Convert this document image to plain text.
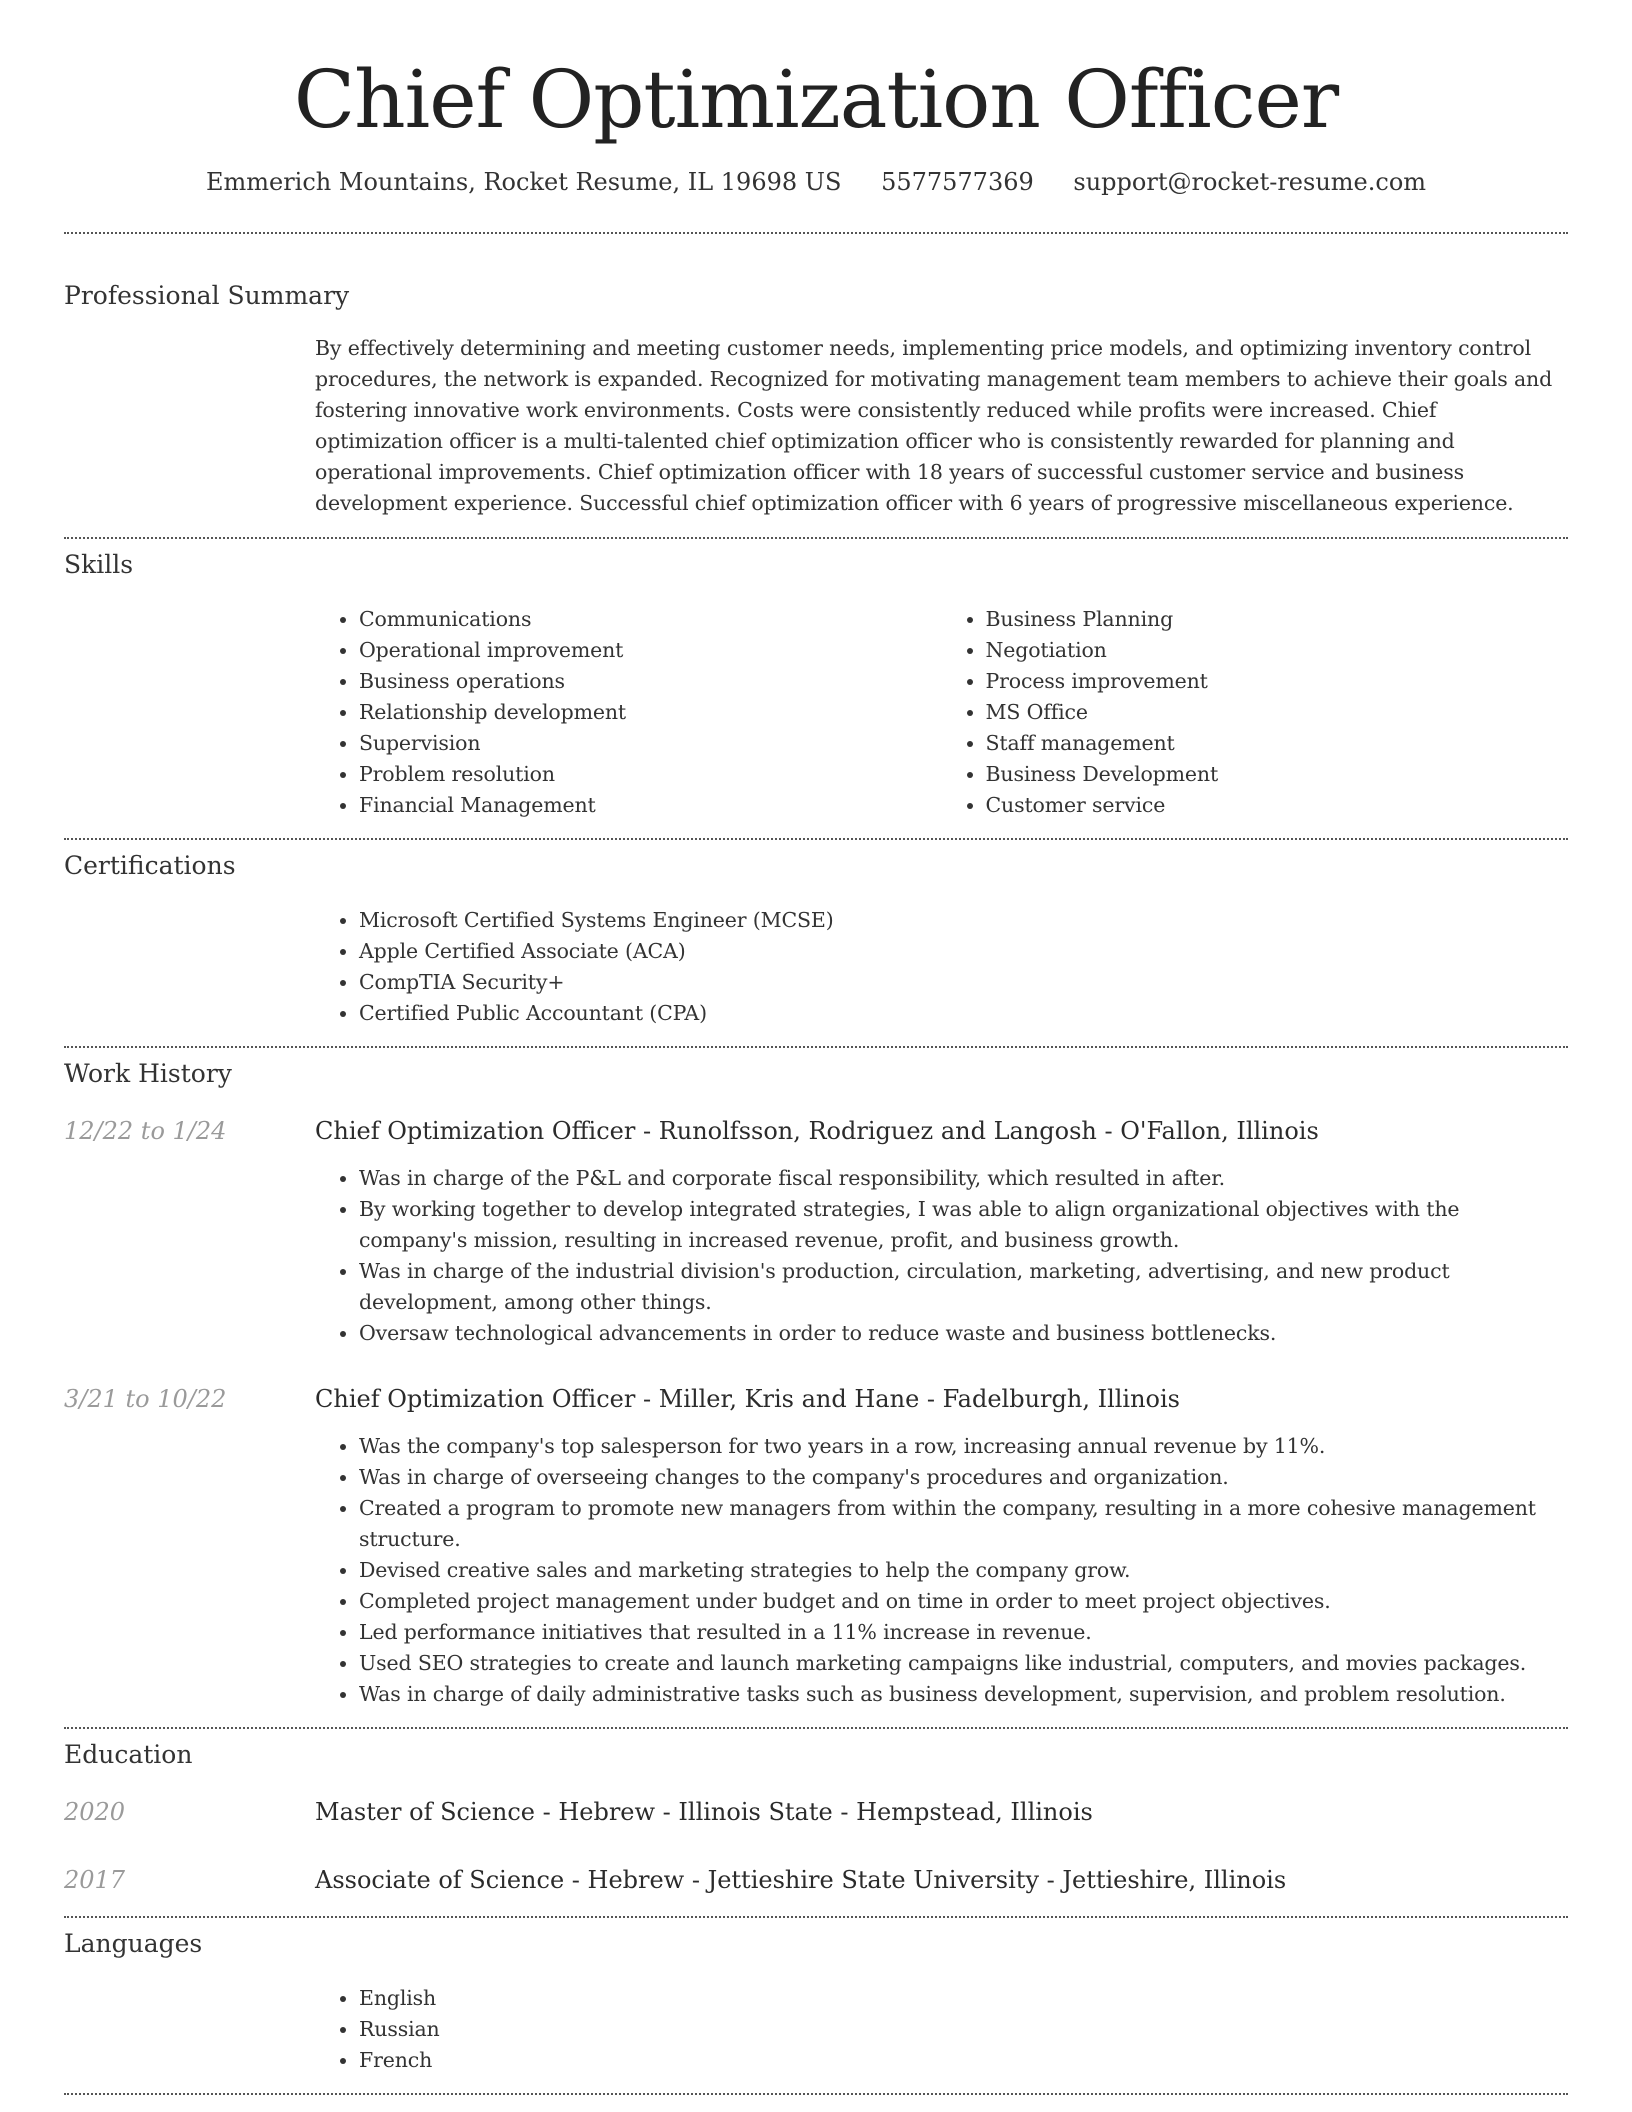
Chief Optimization Officer
Emmerich Mountains, Rocket Resume, IL 19698 US 5577577369 support@rocket-resume.com
Professional Summary

By effectively determining and meeting customer needs, implementing price models, and optimizing inventory control procedures, the network is expanded. Recognized for motivating management team members to achieve their goals and fostering innovative work environments. Costs were consistently reduced while profits were increased. Chief optimization officer is a multi-talented chief optimization officer who is consistently rewarded for planning and operational improvements. Chief optimization officer with 18 years of successful customer service and business development experience. Successful chief optimization officer with 6 years of progressive miscellaneous experience.

Skills
• Communications
• Operational improvement
• Business operations
• Relationship development
• Supervision
• Problem resolution
• Financial Management
• Business Planning
• Negotiation
• Process improvement
• MS Office
• Staff management
• Business Development
• Customer service
Certifications
• Microsoft Certified Systems Engineer (MCSE)
• Apple Certified Associate (ACA)
• CompTIA Security+
• Certified Public Accountant (CPA)
Work History
12/22 to 1/24	Chief Optimization Officer - Runolfsson, Rodriguez and Langosh - O'Fallon, Illinois
• Was in charge of the P&L and corporate fiscal responsibility, which resulted in after.
• By working together to develop integrated strategies, I was able to align organizational objectives with the company's mission, resulting in increased revenue, profit, and business growth.
• Was in charge of the industrial division's production, circulation, marketing, advertising, and new product development, among other things.
• Oversaw technological advancements in order to reduce waste and business bottlenecks.
3/21 to 10/22	Chief Optimization Officer - Miller, Kris and Hane - Fadelburgh, Illinois
• Was the company's top salesperson for two years in a row, increasing annual revenue by 11%.
• Was in charge of overseeing changes to the company's procedures and organization.
• Created a program to promote new managers from within the company, resulting in a more cohesive management structure.
• Devised creative sales and marketing strategies to help the company grow.
• Completed project management under budget and on time in order to meet project objectives.
• Led performance initiatives that resulted in a 11% increase in revenue.
• Used SEO strategies to create and launch marketing campaigns like industrial, computers, and movies packages.
• Was in charge of daily administrative tasks such as business development, supervision, and problem resolution.
Education
2020	Master of Science - Hebrew - Illinois State - Hempstead, Illinois
2017	Associate of Science - Hebrew - Jettieshire State University - Jettieshire, Illinois
Languages
• English
• Russian
• French
